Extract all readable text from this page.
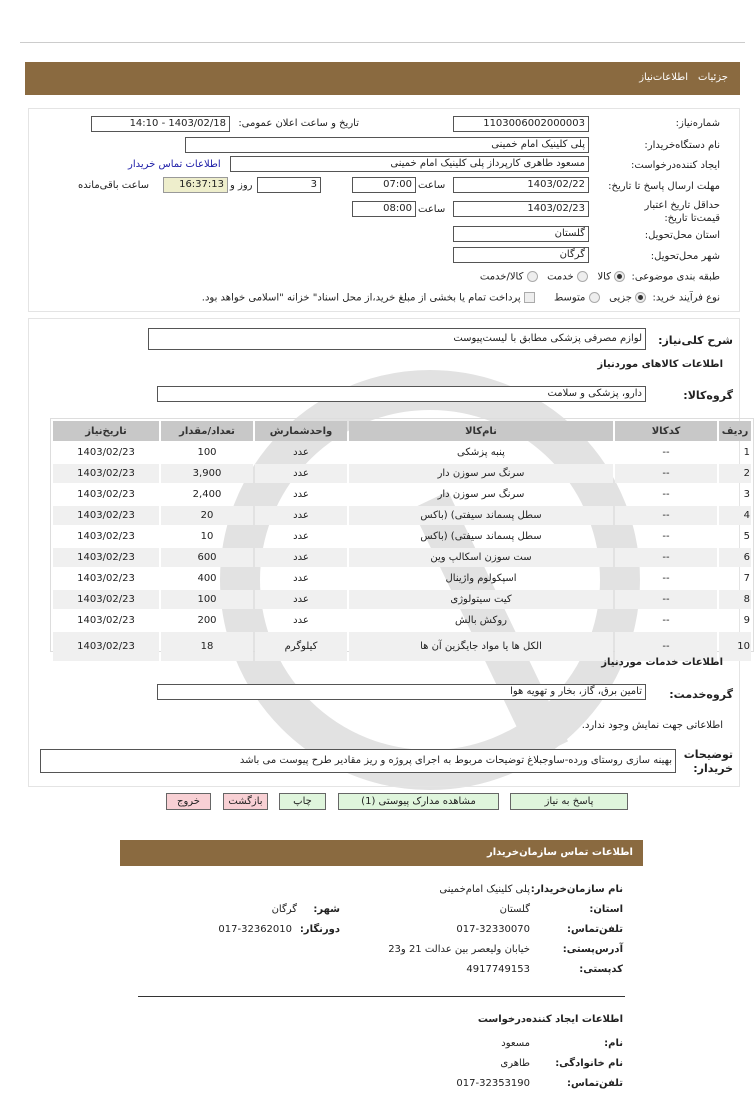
جزئیات
اطلاعات‌نیاز
شماره‌نیاز:
1103006002000003
تاریخ و ساعت اعلان عمومی:
1403/02/18 - 14:10
نام دستگاه‌خریدار:
پلی کلینیک امام خمینی
ایجاد کننده‌درخواست:
مسعود طاهری کارپرداز پلی کلینیک امام خمینی
اطلاعات تماس خریدار
مهلت ارسال پاسخ تا تاریخ:
1403/02/22
ساعت
07:00
3
روز و
16:37:13
ساعت باقی‌مانده
حداقل تاریخ اعتبار قیمت‌تا تاریخ:
1403/02/23
ساعت
08:00
استان محل‌تحویل:
گلستان
شهر محل‌تحویل:
گرگان
طبقه بندی موضوعی:   کالا    خدمت    کالا/خدمت
نوع فرآیند خرید:   جزیی    متوسط       پرداخت تمام یا بخشی از مبلغ خرید،از محل اسناد" خزانه "اسلامی خواهد بود.
شرح کلی‌نیاز:
لوازم مصرفی پزشکی مطابق با لیست‌پیوست
اطلاعات کالاهای موردنیاز
گروه‌کالا:
دارو، پزشکی و سلامت
ردیف	کدکالا	نام‌کالا	واحدشمارش	تعداد/مقدار	تاریخ‌نیاز
1	--	پنبه پزشکی	عدد	100	1403/02/23
2	--	سرنگ سر سوزن دار	عدد	3,900	1403/02/23
3	--	سرنگ سر سوزن دار	عدد	2,400	1403/02/23
4	--	سطل پسماند سیفتی) (باکس	عدد	20	1403/02/23
5	--	سطل پسماند سیفتی) (باکس	عدد	10	1403/02/23
6	--	ست سوزن اسکالپ وین	عدد	600	1403/02/23
7	--	اسپکولوم واژینال	عدد	400	1403/02/23
8	--	کیت سیتولوژی	عدد	100	1403/02/23
9	--	روکش بالش	عدد	200	1403/02/23
10	--	الکل ها یا مواد جایگزین آن ها	کیلوگرم	18	1403/02/23
اطلاعات خدمات موردنیاز
گروه‌خدمت:
تامین برق، گاز، بخار و تهویه هوا
اطلاعاتی جهت نمایش وجود ندارد.
توضیحات خریدار:
بهینه سازی روستای ورده-ساوجبلاغ توضیحات مربوط به اجرای پروژه و ریز مقادیر طرح پیوست می باشد
پاسخ به نیاز
مشاهده مدارک پیوستی (1)
چاپ
بازگشت
خروج
اطلاعات تماس سازمان‌خریدار
نام سازمان‌خریدار:
پلی کلینیک امام‌خمینی
استان:
گلستان
شهر:
گرگان
تلفن‌تماس:
017-32330070
دورنگار:
017-32362010
آدرس‌پستی:
خیابان ولیعصر بین عدالت 21 و23
کدپستی:
4917749153
اطلاعات ایجاد کننده‌درخواست
نام:
مسعود
نام خانوادگی:
طاهری
تلفن‌تماس:
017-32353190
